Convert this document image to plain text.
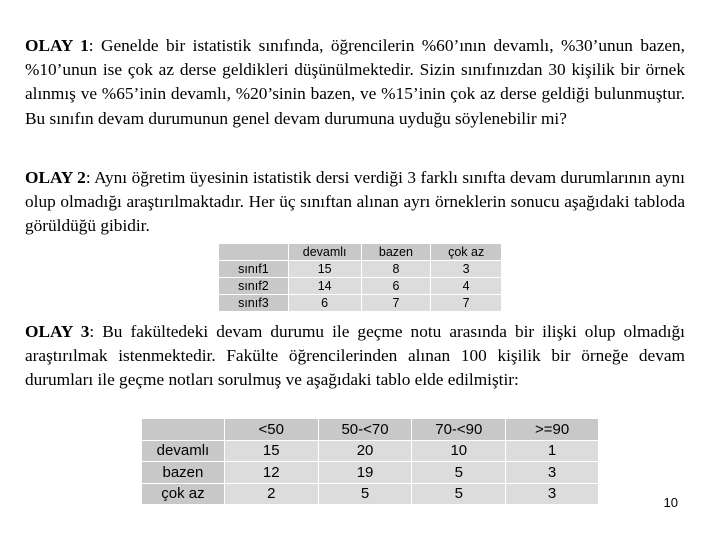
OLAY 1: Genelde bir istatistik sınıfında, öğrencilerin %60’ının devamlı, %30’unun bazen, %10’unun ise çok az derse geldikleri düşünülmektedir. Sizin sınıfınızdan 30 kişilik bir örnek alınmış ve %65’inin devamlı, %20’sinin bazen, ve %15’inin çok az derse geldiği bulunmuştur. Bu sınıfın devam durumunun genel devam durumuna uyduğu söylenebilir mi?

OLAY 2: Aynı öğretim üyesinin istatistik dersi verdiği 3 farklı sınıfta devam durumlarının aynı olup olmadığı araştırılmaktadır. Her üç sınıftan alınan ayrı örneklerin sonucu aşağıdaki tabloda görüldüğü gibidir.

	devamlı	bazen	çok az
sınıf1	15	8	3
sınıf2	14	6	4
sınıf3	6	7	7

OLAY 3: Bu fakültedeki devam durumu ile geçme notu arasında bir ilişki olup olmadığı araştırılmak istenmektedir. Fakülte öğrencilerinden alınan 100 kişilik bir örneğe devam durumları ile geçme notları sorulmuş ve aşağıdaki tablo elde edilmiştir:

	<50	50-<70	70-<90	>=90
devamlı	15	20	10	1
bazen	12	19	5	3
çok az	2	5	5	3
10
